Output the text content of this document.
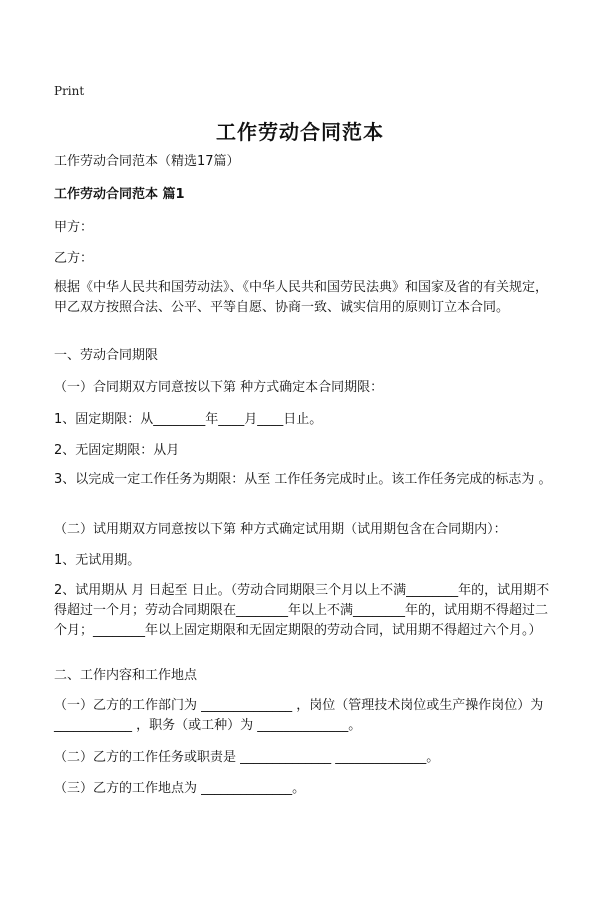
Print
工作劳动合同范本
工作劳动合同范本（精选17篇）
工作劳动合同范本 篇1
甲方：
乙方：
根据《中华人民共和国劳动法》、《中华人民共和国劳民法典》和国家及省的有关规定，甲乙双方按照合法、公平、平等自愿、协商一致、诚实信用的原则订立本合同。
一、劳动合同期限
（一）合同期双方同意按以下第 种方式确定本合同期限：
1、固定期限：从________年____月____日止。
2、无固定期限：从月
3、以完成一定工作任务为期限：从至 工作任务完成时止。该工作任务完成的标志为 。
（二）试用期双方同意按以下第 种方式确定试用期（试用期包含在合同期内）：
1、无试用期。
2、试用期从 月 日起至 日止。（劳动合同期限三个月以上不满________年的，试用期不得超过一个月；劳动合同期限在________年以上不满________年的，试用期不得超过二个月；________年以上固定期限和无固定期限的劳动合同，试用期不得超过六个月。）
二、工作内容和工作地点
（一）乙方的工作部门为 ______________ ，岗位（管理技术岗位或生产操作岗位）为 ____________ ，职务（或工种）为 ______________。
（二）乙方的工作任务或职责是 ______________ ______________。
（三）乙方的工作地点为 ______________。
